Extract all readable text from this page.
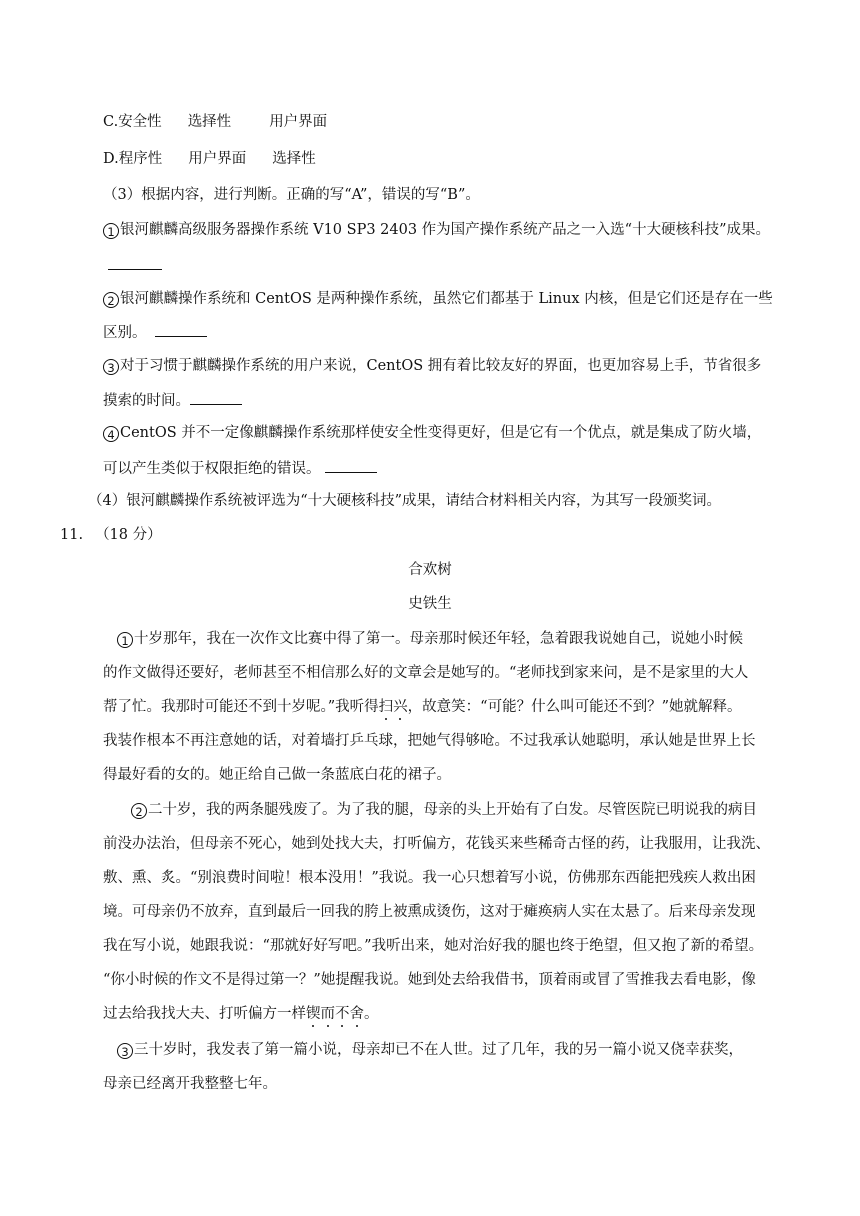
C.安全性 选择性	用户界面
D.程序性 用户界面 选择性
（3）根据内容，进行判断。正确的写“A”，错误的写“B”。
1 银河麒麟高级服务器操作系统 V10 SP3 2403 作为国产操作系统产品之一入选“十大硬核科技”成果。
2 银河麒麟操作系统和 CentOS 是两种操作系统，虽然它们都基于 Linux 内核，但是它们还是存在一些
区别。
3 对于习惯于麒麟操作系统的用户来说，CentOS 拥有着比较友好的界面，也更加容易上手，节省很多
摸索的时间。
4 CentOS 并不一定像麒麟操作系统那样使安全性变得更好，但是它有一个优点，就是集成了防火墙，
可以产生类似于权限拒绝的错误。
（4）银河麒麟操作系统被评选为“十大硬核科技”成果，请结合材料相关内容，为其写一段颁奖词。
11. （18 分）
合欢树
史铁生
1 十岁那年，我在一次作文比赛中得了第一。母亲那时候还年轻，急着跟我说她自己，说她小时候
的作文做得还要好，老师甚至不相信那么好的文章会是她写的。“老师找到家来问，是不是家里的大人
帮了忙。我那时可能还不到十岁呢。”我听得扫兴，故意笑：“可能？什么叫可能还不到？”她就解释。
我装作根本不再注意她的话，对着墙打乒乓球，把她气得够呛。不过我承认她聪明，承认她是世界上长
得最好看的女的。她正给自己做一条蓝底白花的裙子。
2 二十岁，我的两条腿残废了。为了我的腿，母亲的头上开始有了白发。尽管医院已明说我的病目
前没办法治，但母亲不死心，她到处找大夫，打听偏方，花钱买来些稀奇古怪的药，让我服用，让我洗、
敷、熏、炙。“别浪费时间啦！根本没用！”我说。我一心只想着写小说，仿佛那东西能把残疾人救出困
境。可母亲仍不放弃，直到最后一回我的胯上被熏成烫伤，这对于瘫痪病人实在太悬了。后来母亲发现
我在写小说，她跟我说：“那就好好写吧。”我听出来，她对治好我的腿也终于绝望，但又抱了新的希望。
“你小时候的作文不是得过第一？”她提醒我说。她到处去给我借书，顶着雨或冒了雪推我去看电影，像
过去给我找大夫、打听偏方一样锲而不舍。
3 三十岁时，我发表了第一篇小说，母亲却已不在人世。过了几年，我的另一篇小说又侥幸获奖，
母亲已经离开我整整七年。
